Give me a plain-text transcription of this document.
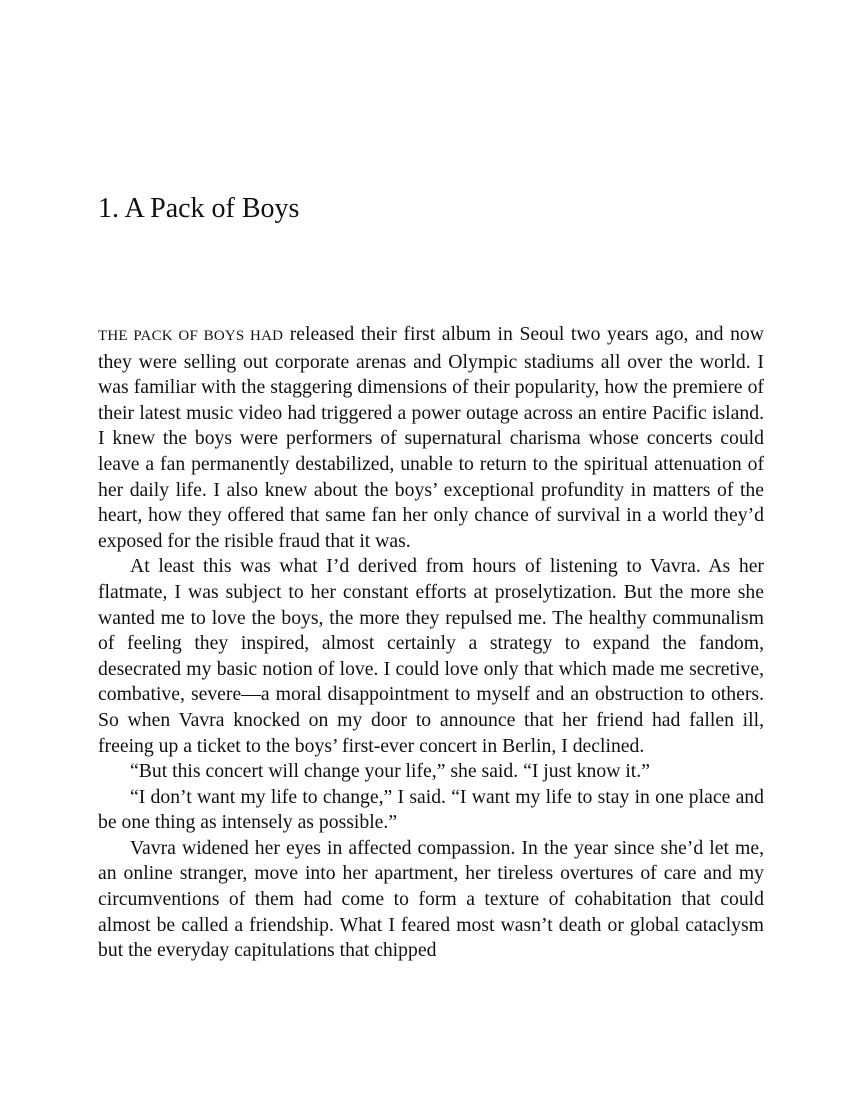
1. A Pack of Boys

THE PACK OF BOYS HAD released their first album in Seoul two years ago, and now they were selling out corporate arenas and Olympic stadiums all over the world. I was familiar with the staggering dimensions of their popularity, how the premiere of their latest music video had triggered a power outage across an entire Pacific island. I knew the boys were performers of supernatural charisma whose concerts could leave a fan permanently destabilized, unable to return to the spiritual attenuation of her daily life. I also knew about the boys’ exceptional profundity in matters of the heart, how they offered that same fan her only chance of survival in a world they’d exposed for the risible fraud that it was.

At least this was what I’d derived from hours of listening to Vavra. As her flatmate, I was subject to her constant efforts at proselytization. But the more she wanted me to love the boys, the more they repulsed me. The healthy communalism of feeling they inspired, almost certainly a strategy to expand the fandom, desecrated my basic notion of love. I could love only that which made me secretive, combative, severe—a moral disappointment to myself and an obstruction to others. So when Vavra knocked on my door to announce that her friend had fallen ill, freeing up a ticket to the boys’ first-ever concert in Berlin, I declined.

“But this concert will change your life,” she said. “I just know it.”

“I don’t want my life to change,” I said. “I want my life to stay in one place and be one thing as intensely as possible.”

Vavra widened her eyes in affected compassion. In the year since she’d let me, an online stranger, move into her apartment, her tireless overtures of care and my circumventions of them had come to form a texture of cohabitation that could almost be called a friendship. What I feared most wasn’t death or global cataclysm but the everyday capitulations that chipped
